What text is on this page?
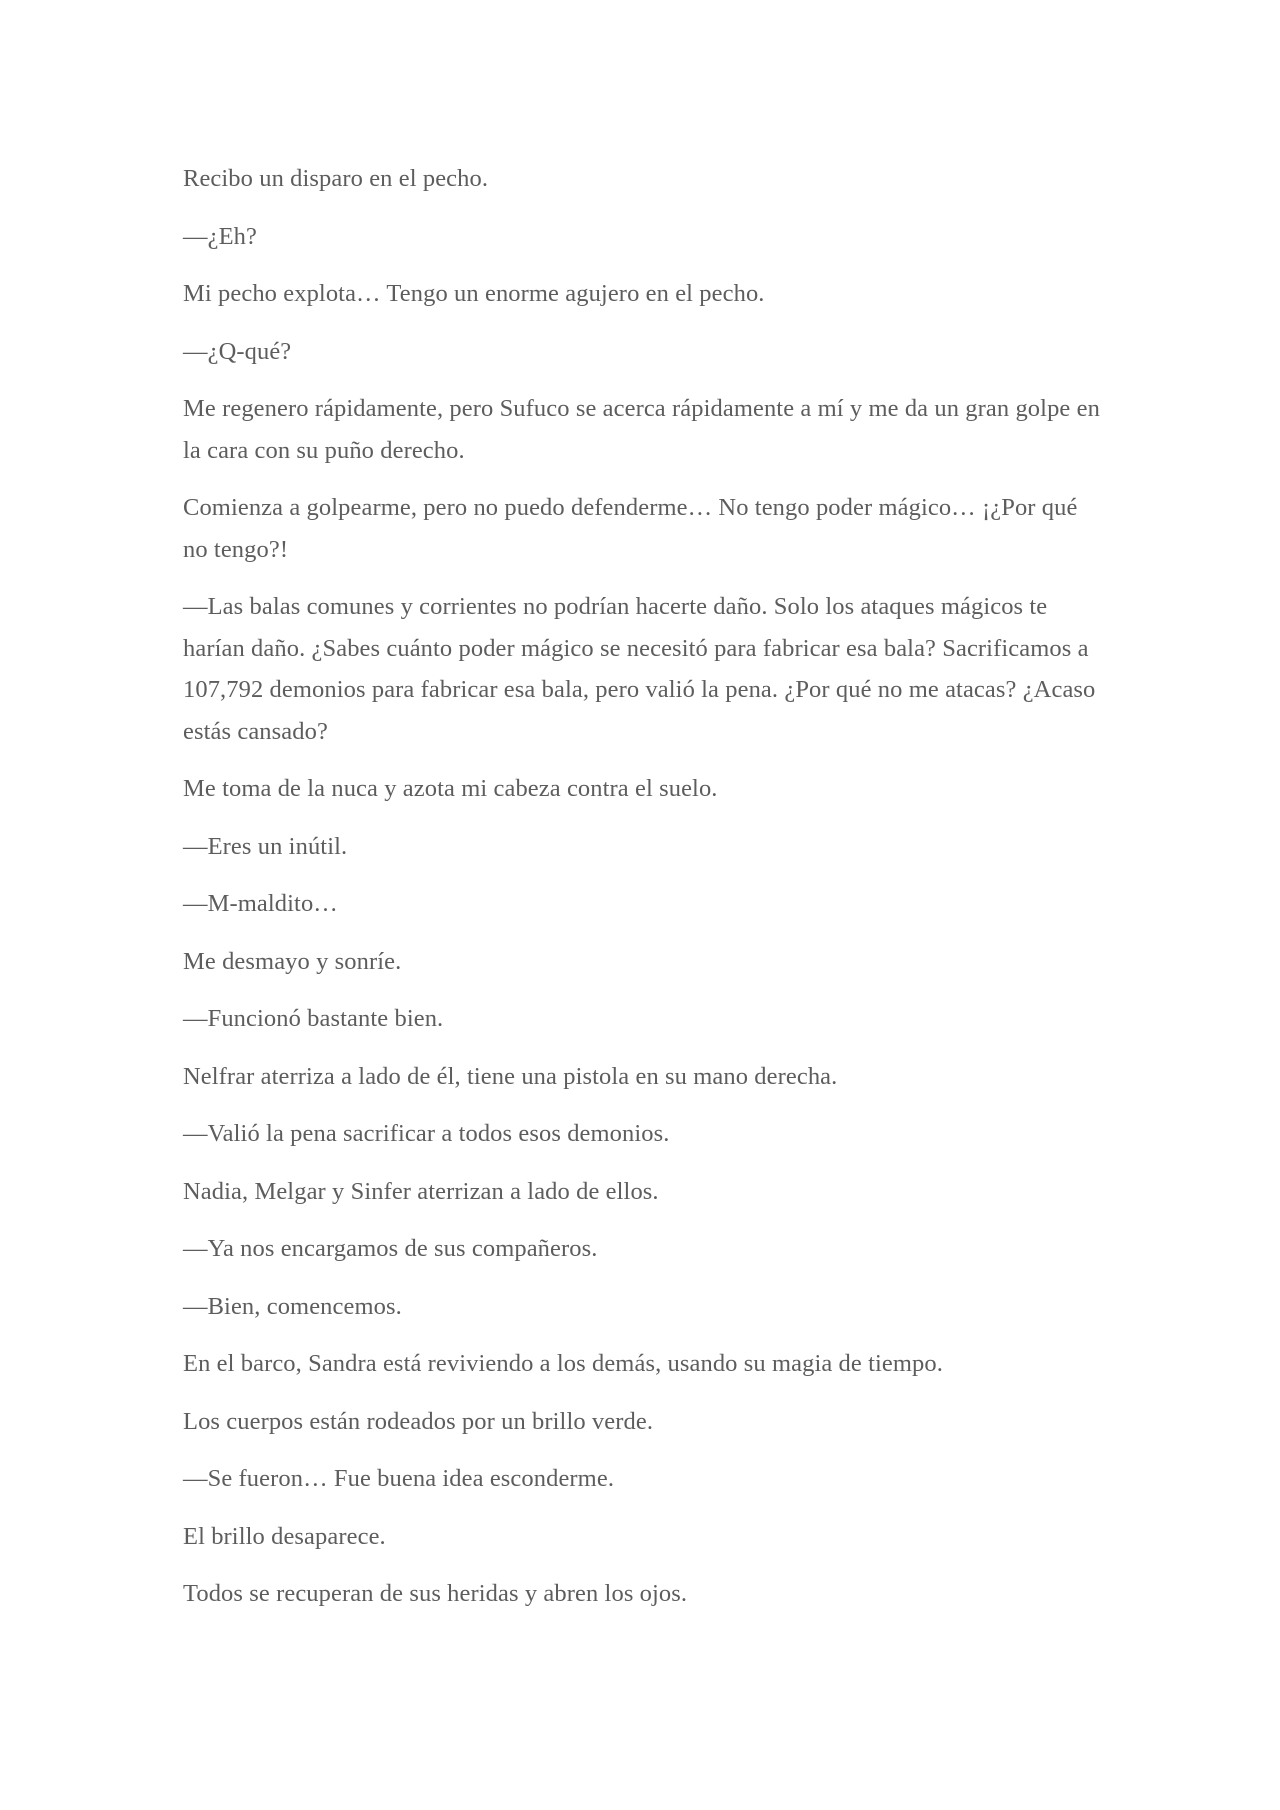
Recibo un disparo en el pecho.

—¿Eh?

Mi pecho explota… Tengo un enorme agujero en el pecho.

—¿Q-qué?

Me regenero rápidamente, pero Sufuco se acerca rápidamente a mí y me da un gran golpe en la cara con su puño derecho.

Comienza a golpearme, pero no puedo defenderme… No tengo poder mágico… ¡¿Por qué no tengo?!

—Las balas comunes y corrientes no podrían hacerte daño. Solo los ataques mágicos te harían daño. ¿Sabes cuánto poder mágico se necesitó para fabricar esa bala? Sacrificamos a 107,792 demonios para fabricar esa bala, pero valió la pena. ¿Por qué no me atacas? ¿Acaso estás cansado?

Me toma de la nuca y azota mi cabeza contra el suelo.

—Eres un inútil.

—M-maldito…

Me desmayo y sonríe.

—Funcionó bastante bien.

Nelfrar aterriza a lado de él, tiene una pistola en su mano derecha.

—Valió la pena sacrificar a todos esos demonios.

Nadia, Melgar y Sinfer aterrizan a lado de ellos.

—Ya nos encargamos de sus compañeros.

—Bien, comencemos.

En el barco, Sandra está reviviendo a los demás, usando su magia de tiempo.

Los cuerpos están rodeados por un brillo verde.

—Se fueron… Fue buena idea esconderme.

El brillo desaparece.

Todos se recuperan de sus heridas y abren los ojos.
